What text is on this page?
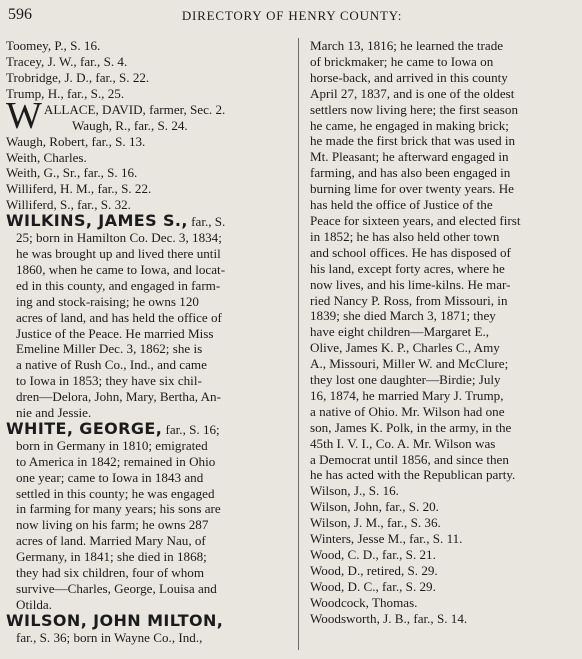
596	DIRECTORY OF HENRY COUNTY:
Toomey, P., S. 16.
Tracey, J. W., far., S. 4.
Trobridge, J. D., far., S. 22.
Trump, H., far., S., 25.
W ALLACE, DAVID, farmer, Sec. 2.
Waugh, R., far., S. 24.
Waugh, Robert, far., S. 13.
Weith, Charles.
Weith, G., Sr., far., S. 16.
Williferd, H. M., far., S. 22.
Williferd, S., far., S. 32.
WILKINS, JAMES S., far., S.
25; born in Hamilton Co. Dec. 3, 1834;
he was brought up and lived there until
1860, when he came to Iowa, and locat-
ed in this county, and engaged in farm-
ing and stock-raising; he owns 120
acres of land, and has held the office of
Justice of the Peace. He married Miss
Emeline Miller Dec. 3, 1862; she is
a native of Rush Co., Ind., and came
to Iowa in 1853; they have six chil-
dren—Delora, John, Mary, Bertha, An-
nie and Jessie.
WHITE, GEORGE, far., S. 16;
born in Germany in 1810; emigrated
to America in 1842; remained in Ohio
one year; came to Iowa in 1843 and
settled in this county; he was engaged
in farming for many years; his sons are
now living on his farm; he owns 287
acres of land. Married Mary Nau, of
Germany, in 1841; she died in 1868;
they had six children, four of whom
survive—Charles, George, Louisa and
Otilda.
WILSON, JOHN MILTON,
far., S. 36; born in Wayne Co., Ind.,
March 13, 1816; he learned the trade
of brickmaker; he came to Iowa on
horse-back, and arrived in this county
April 27, 1837, and is one of the oldest
settlers now living here; the first season
he came, he engaged in making brick;
he made the first brick that was used in
Mt. Pleasant; he afterward engaged in
farming, and has also been engaged in
burning lime for over twenty years. He
has held the office of Justice of the
Peace for sixteen years, and elected first
in 1852; he has also held other town
and school offices. He has disposed of
his land, except forty acres, where he
now lives, and his lime-kilns. He mar-
ried Nancy P. Ross, from Missouri, in
1839; she died March 3, 1871; they
have eight children—Margaret E.,
Olive, James K. P., Charles C., Amy
A., Missouri, Miller W. and McClure;
they lost one daughter—Birdie; July
16, 1874, he married Mary J. Trump,
a native of Ohio. Mr. Wilson had one
son, James K. Polk, in the army, in the
45th I. V. I., Co. A. Mr. Wilson was
a Democrat until 1856, and since then
he has acted with the Republican party.
Wilson, J., S. 16.
Wilson, John, far., S. 20.
Wilson, J. M., far., S. 36.
Winters, Jesse M., far., S. 11.
Wood, C. D., far., S. 21.
Wood, D., retired, S. 29.
Wood, D. C., far., S. 29.
Woodcock, Thomas.
Woodsworth, J. B., far., S. 14.
